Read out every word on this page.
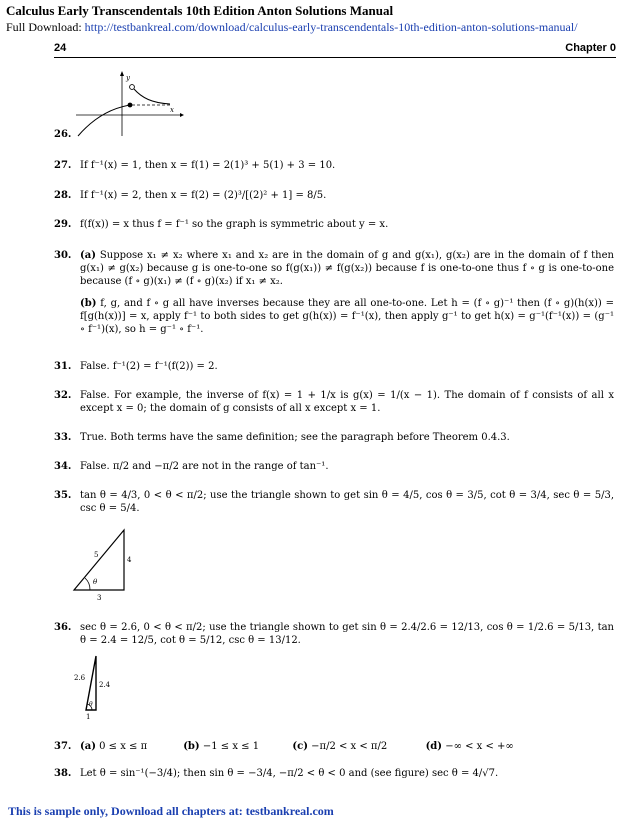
Calculus Early Transcendentals 10th Edition Anton Solutions Manual
Full Download: http://testbankreal.com/download/calculus-early-transcendentals-10th-edition-anton-solutions-manual/
24	Chapter 0
y
x
26.
27. If f⁻¹(x) = 1, then x = f(1) = 2(1)³ + 5(1) + 3 = 10.
28. If f⁻¹(x) = 2, then x = f(2) = (2)³/[(2)² + 1] = 8/5.
29. f(f(x)) = x thus f = f⁻¹ so the graph is symmetric about y = x.
30. (a) Suppose x₁ ≠ x₂ where x₁ and x₂ are in the domain of g and g(x₁), g(x₂) are in the domain of f then g(x₁) ≠ g(x₂) because g is one-to-one so f(g(x₁)) ≠ f(g(x₂)) because f is one-to-one thus f ∘ g is one-to-one because (f ∘ g)(x₁) ≠ (f ∘ g)(x₂) if x₁ ≠ x₂.
(b) f, g, and f ∘ g all have inverses because they are all one-to-one. Let h = (f ∘ g)⁻¹ then (f ∘ g)(h(x)) = f[g(h(x))] = x, apply f⁻¹ to both sides to get g(h(x)) = f⁻¹(x), then apply g⁻¹ to get h(x) = g⁻¹(f⁻¹(x)) = (g⁻¹ ∘ f⁻¹)(x), so h = g⁻¹ ∘ f⁻¹.
31. False. f⁻¹(2) = f⁻¹(f(2)) = 2.
32. False. For example, the inverse of f(x) = 1 + 1/x is g(x) = 1/(x − 1). The domain of f consists of all x except x = 0; the domain of g consists of all x except x = 1.
33. True. Both terms have the same definition; see the paragraph before Theorem 0.4.3.
34. False. π/2 and −π/2 are not in the range of tan⁻¹.
35. tan θ = 4/3, 0 < θ < π/2; use the triangle shown to get sin θ = 4/5, cos θ = 3/5, cot θ = 3/4, sec θ = 5/3, csc θ = 5/4.
θ
5
4
3
36. sec θ = 2.6, 0 < θ < π/2; use the triangle shown to get sin θ = 2.4/2.6 = 12/13, cos θ = 1/2.6 = 5/13, tan θ = 2.4 = 12/5, cot θ = 5/12, csc θ = 13/12.
θ
2.6
2.4
1
37. (a) 0 ≤ x ≤ π	(b) −1 ≤ x ≤ 1	(c) −π/2 < x < π/2	(d) −∞ < x < +∞
38. Let θ = sin⁻¹(−3/4); then sin θ = −3/4, −π/2 < θ < 0 and (see figure) sec θ = 4/√7.
This is sample only, Download all chapters at: testbankreal.com
